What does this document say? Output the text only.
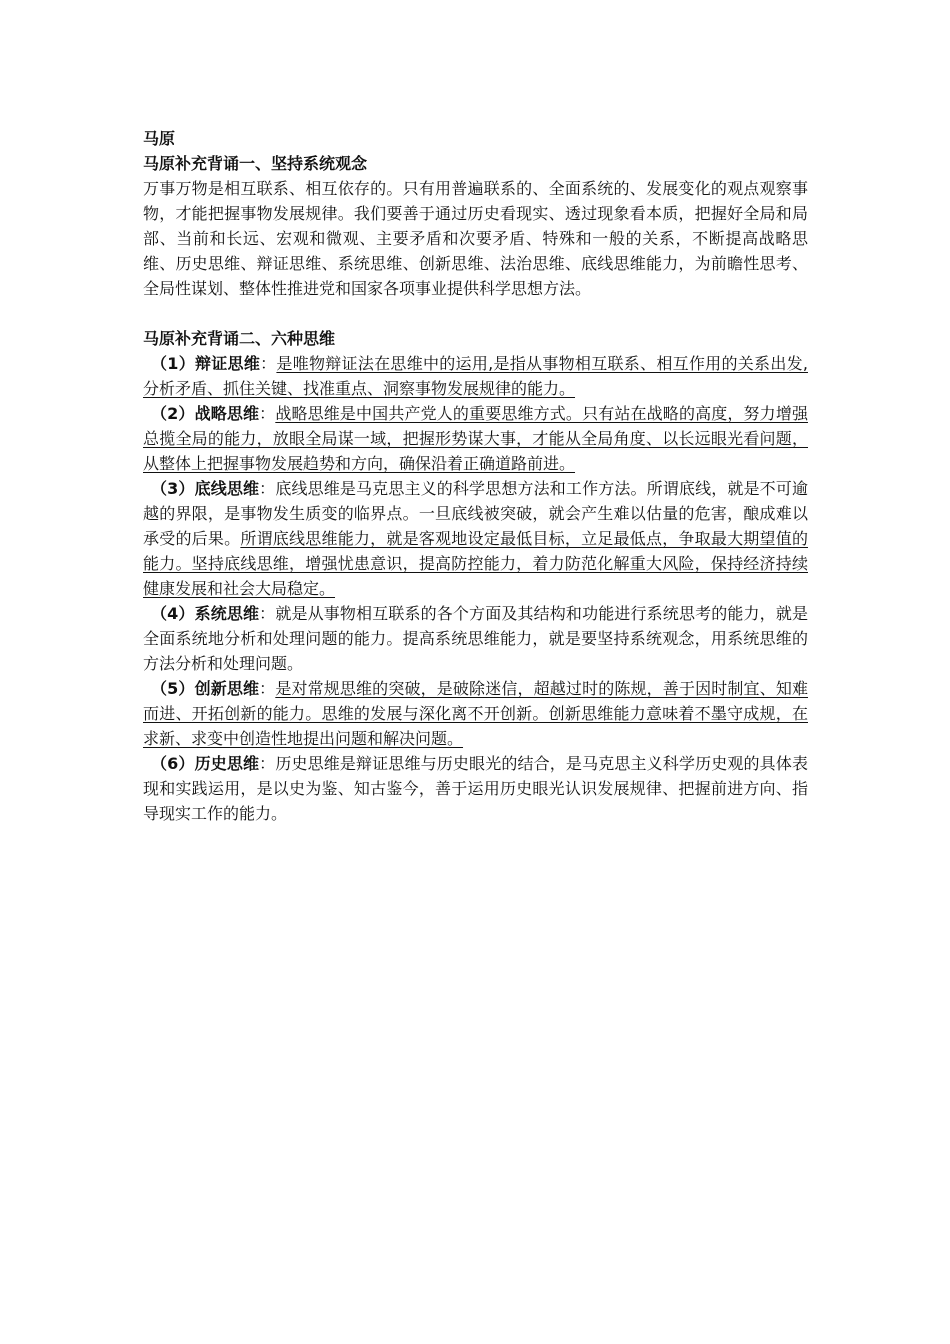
马原

马原补充背诵一、坚持系统观念

万事万物是相互联系、相互依存的。只有用普遍联系的、全面系统的、发展变化的观点观察事物，才能把握事物发展规律。我们要善于通过历史看现实、透过现象看本质，把握好全局和局部、当前和长远、宏观和微观、主要矛盾和次要矛盾、特殊和一般的关系，不断提高战略思维、历史思维、辩证思维、系统思维、创新思维、法治思维、底线思维能力，为前瞻性思考、全局性谋划、整体性推进党和国家各项事业提供科学思想方法。

马原补充背诵二、六种思维

（1）辩证思维：是唯物辩证法在思维中的运用,是指从事物相互联系、相互作用的关系出发,分析矛盾、抓住关键、找准重点、洞察事物发展规律的能力。

（2）战略思维：战略思维是中国共产党人的重要思维方式。只有站在战略的高度，努力增强总揽全局的能力，放眼全局谋一域，把握形势谋大事，才能从全局角度、以长远眼光看问题，从整体上把握事物发展趋势和方向，确保沿着正确道路前进。

（3）底线思维：底线思维是马克思主义的科学思想方法和工作方法。所谓底线，就是不可逾越的界限，是事物发生质变的临界点。一旦底线被突破，就会产生难以估量的危害，酿成难以承受的后果。所谓底线思维能力，就是客观地设定最低目标，立足最低点，争取最大期望值的能力。坚持底线思维，增强忧患意识，提高防控能力，着力防范化解重大风险，保持经济持续健康发展和社会大局稳定。

（4）系统思维：就是从事物相互联系的各个方面及其结构和功能进行系统思考的能力，就是全面系统地分析和处理问题的能力。提高系统思维能力，就是要坚持系统观念，用系统思维的方法分析和处理问题。

（5）创新思维：是对常规思维的突破，是破除迷信，超越过时的陈规，善于因时制宜、知难而进、开拓创新的能力。思维的发展与深化离不开创新。创新思维能力意味着不墨守成规，在求新、求变中创造性地提出问题和解决问题。

（6）历史思维：历史思维是辩证思维与历史眼光的结合，是马克思主义科学历史观的具体表现和实践运用，是以史为鉴、知古鉴今，善于运用历史眼光认识发展规律、把握前进方向、指导现实工作的能力。
